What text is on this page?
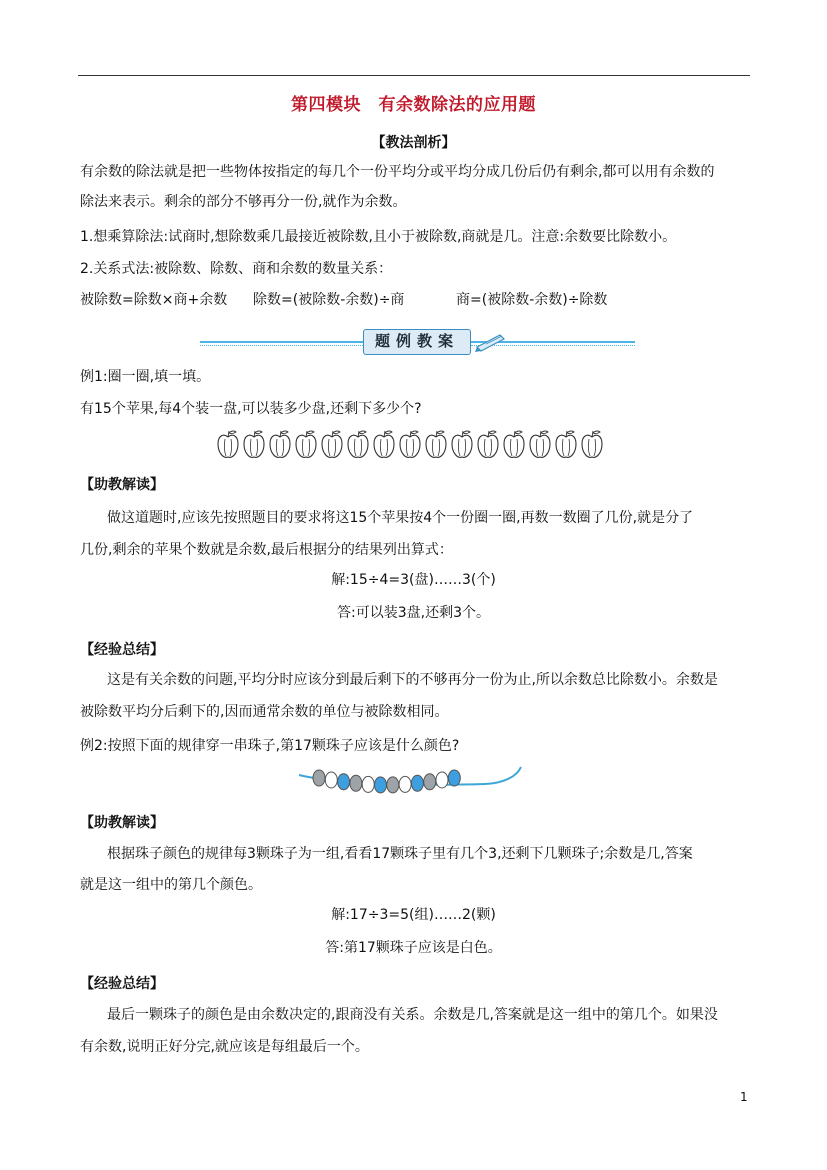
第四模块　有余数除法的应用题
【教法剖析】
有余数的除法就是把一些物体按指定的每几个一份平均分或平均分成几份后仍有剩余,都可以用有余数的
除法来表示。剩余的部分不够再分一份,就作为余数。
1.想乘算除法:试商时,想除数乘几最接近被除数,且小于被除数,商就是几。注意:余数要比除数小。
2.关系式法:被除数、除数、商和余数的数量关系：
被除数=除数×商+余数 除数=(被除数-余数)÷商	商=(被除数-余数)÷除数
题例教案
例1:圈一圈,填一填。
有15个苹果,每4个装一盘,可以装多少盘,还剩下多少个?
【助教解读】
做这道题时,应该先按照题目的要求将这15个苹果按4个一份圈一圈,再数一数圈了几份,就是分了
几份,剩余的苹果个数就是余数,最后根据分的结果列出算式：
解:15÷4=3(盘)……3(个)
答:可以装3盘,还剩3个。
【经验总结】
这是有关余数的问题,平均分时应该分到最后剩下的不够再分一份为止,所以余数总比除数小。余数是
被除数平均分后剩下的,因而通常余数的单位与被除数相同。
例2:按照下面的规律穿一串珠子,第17颗珠子应该是什么颜色?
【助教解读】
根据珠子颜色的规律每3颗珠子为一组,看看17颗珠子里有几个3,还剩下几颗珠子;余数是几,答案
就是这一组中的第几个颜色。
解:17÷3=5(组)……2(颗)
答:第17颗珠子应该是白色。
【经验总结】
最后一颗珠子的颜色是由余数决定的,跟商没有关系。余数是几,答案就是这一组中的第几个。如果没
有余数,说明正好分完,就应该是每组最后一个。
1
